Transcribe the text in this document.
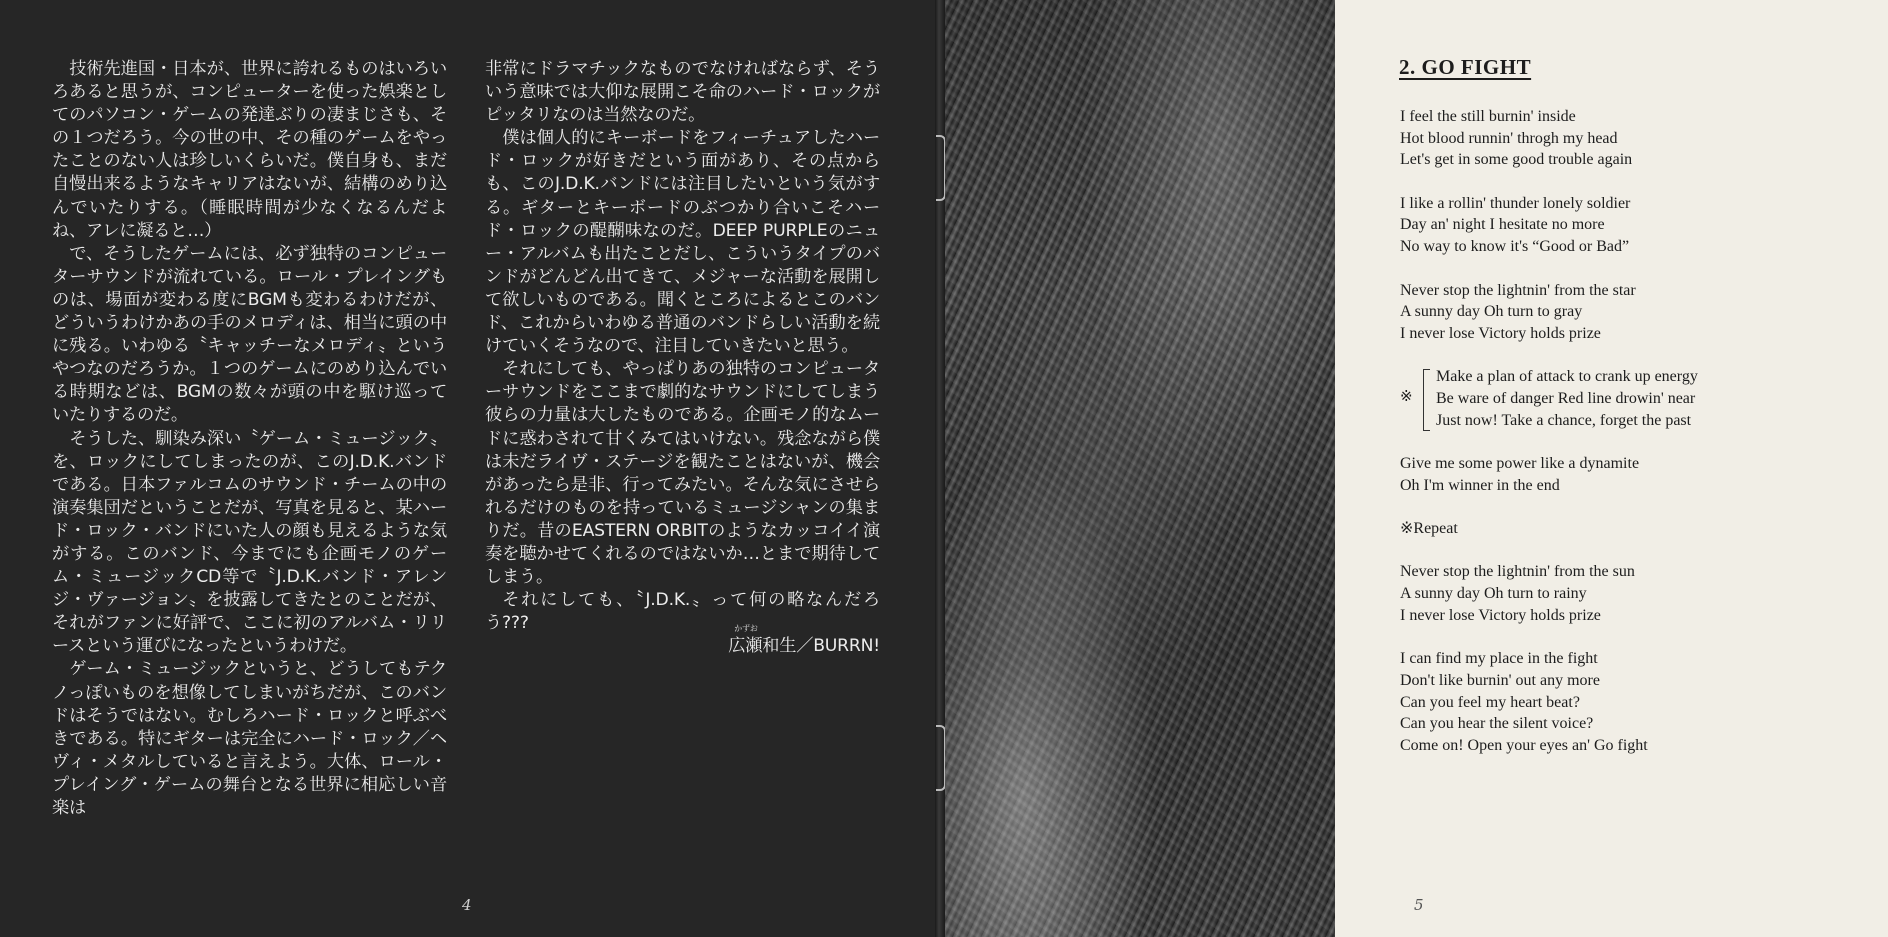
技術先進国・日本が、世界に誇れるものはいろいろあると思うが、コンピューターを使った娯楽としてのパソコン・ゲームの発達ぶりの凄まじさも、その１つだろう。今の世の中、その種のゲームをやったことのない人は珍しいくらいだ。僕自身も、まだ自慢出来るようなキャリアはないが、結構のめり込んでいたりする。（睡眠時間が少なくなるんだよね、アレに凝ると…）

で、そうしたゲームには、必ず独特のコンピューターサウンドが流れている。ロール・プレイングものは、場面が変わる度にBGMも変わるわけだが、どういうわけかあの手のメロディは、相当に頭の中に残る。いわゆる〝キャッチーなメロディ〟というやつなのだろうか。１つのゲームにのめり込んでいる時期などは、BGMの数々が頭の中を駆け巡っていたりするのだ。

そうした、馴染み深い〝ゲーム・ミュージック〟を、ロックにしてしまったのが、このJ.D.K.バンドである。日本ファルコムのサウンド・チームの中の演奏集団だということだが、写真を見ると、某ハード・ロック・バンドにいた人の顔も見えるような気がする。このバンド、今までにも企画モノのゲーム・ミュージックCD等で〝J.D.K.バンド・アレンジ・ヴァージョン〟を披露してきたとのことだが、それがファンに好評で、ここに初のアルバム・リリースという運びになったというわけだ。

ゲーム・ミュージックというと、どうしてもテクノっぽいものを想像してしまいがちだが、このバンドはそうではない。むしろハード・ロックと呼ぶべきである。特にギターは完全にハード・ロック／ヘヴィ・メタルしていると言えよう。大体、ロール・プレイング・ゲームの舞台となる世界に相応しい音楽は

非常にドラマチックなものでなければならず、そういう意味では大仰な展開こそ命のハード・ロックがピッタリなのは当然なのだ。

僕は個人的にキーボードをフィーチュアしたハード・ロックが好きだという面があり、その点からも、このJ.D.K.バンドには注目したいという気がする。ギターとキーボードのぶつかり合いこそハード・ロックの醍醐味なのだ。DEEP PURPLEのニュー・アルバムも出たことだし、こういうタイプのバンドがどんどん出てきて、メジャーな活動を展開して欲しいものである。聞くところによるとこのバンド、これからいわゆる普通のバンドらしい活動を続けていくそうなので、注目していきたいと思う。

それにしても、やっぱりあの独特のコンピューターサウンドをここまで劇的なサウンドにしてしまう彼らの力量は大したものである。企画モノ的なムードに惑わされて甘くみてはいけない。残念ながら僕は未だライヴ・ステージを観たことはないが、機会があったら是非、行ってみたい。そんな気にさせられるだけのものを持っているミュージシャンの集まりだ。昔のEASTERN ORBITのようなカッコイイ演奏を聴かせてくれるのではないか…とまで期待してしまう。

それにしても、〝J.D.K.〟って何の略なんだろう???

広瀬和生
かずお
／BURRN!

4
2. GO FIGHT
I feel the still burnin' inside
Hot blood runnin' throgh my head
Let's get in some good trouble again
I like a rollin' thunder lonely soldier
Day an' night I hesitate no more
No way to know it's “Good or Bad”
Never stop the lightnin' from the star
A sunny day Oh turn to gray
I never lose Victory holds prize
※
Make a plan of attack to crank up energy
Be ware of danger Red line drowin' near
Just now! Take a chance, forget the past
Give me some power like a dynamite
Oh I'm winner in the end
※Repeat
Never stop the lightnin' from the sun
A sunny day Oh turn to rainy
I never lose Victory holds prize
I can find my place in the fight
Don't like burnin' out any more
Can you feel my heart beat?
Can you hear the silent voice?
Come on! Open your eyes an' Go fight
5
